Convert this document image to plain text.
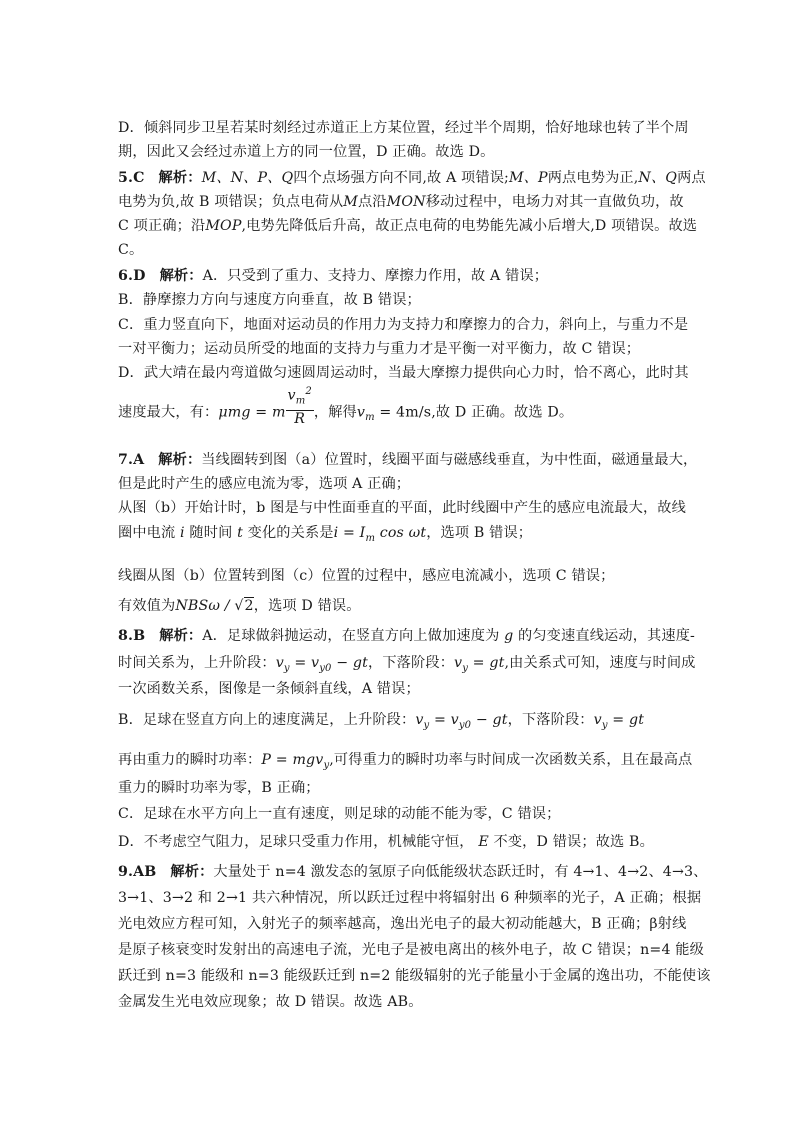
D．倾斜同步卫星若某时刻经过赤道正上方某位置，经过半个周期，恰好地球也转了半个周
期，因此又会经过赤道上方的同一位置，D 正确。故选 D。
5.C 解析：M、N、P、Q四个点场强方向不同,故 A 项错误;M、P两点电势为正,N、Q两点
电势为负,故 B 项错误；负点电荷从M点沿MON移动过程中，电场力对其一直做负功，故
C 项正确；沿MOP,电势先降低后升高，故正点电荷的电势能先减小后增大,D 项错误。故选
C。
6.D 解析：A．只受到了重力、支持力、摩擦力作用，故 A 错误；
B．静摩擦力方向与速度方向垂直，故 B 错误；
C．重力竖直向下，地面对运动员的作用力为支持力和摩擦力的合力，斜向上，与重力不是
一对平衡力；运动员所受的地面的支持力与重力才是平衡一对平衡力，故 C 错误；
D．武大靖在最内弯道做匀速圆周运动时，当最大摩擦力提供向心力时，恰不离心，此时其
速度最大，有：μmg = m $\frac{v_m^2}{R}$ ，解得$v_m = 4m/s$,故 D 正确。故选 D。
7.A 解析：当线圈转到图（a）位置时，线圈平面与磁感线垂直，为中性面，磁通量最大，
但是此时产生的感应电流为零，选项 A 正确；
从图（b）开始计时，b 图是与中性面垂直的平面，此时线圈中产生的感应电流最大，故线
圈中电流 i 随时间 t 变化的关系是$i = I_m$ cos ωt，选项 B 错误；
线圈从图（b）位置转到图（c）位置的过程中，感应电流减小，选项 C 错误；
有效值为NBSω / √2，选项 D 错误。
8.B 解析：A．足球做斜抛运动，在竖直方向上做加速度为 g 的匀变速直线运动，其速度-
时间关系为，上升阶段：$v_y = v_{y0}$ − gt，下落阶段：$v_y$ = gt,由关系式可知，速度与时间成
一次函数关系，图像是一条倾斜直线，A 错误；
B．足球在竖直方向上的速度满足，上升阶段：$v_y = v_{y0}$ − gt，下落阶段：$v_y$ = gt
再由重力的瞬时功率：P = mgv$_y$,可得重力的瞬时功率与时间成一次函数关系，且在最高点
重力的瞬时功率为零，B 正确；
C．足球在水平方向上一直有速度，则足球的动能不能为零，C 错误；
D．不考虑空气阻力，足球只受重力作用，机械能守恒， E 不变，D 错误；故选 B。
9.AB 解析：大量处于 n=4 激发态的氢原子向低能级状态跃迁时，有 4→1、4→2、4→3、
3→1、3→2 和 2→1 共六种情况，所以跃迁过程中将辐射出 6 种频率的光子，A 正确；根据
光电效应方程可知，入射光子的频率越高，逸出光电子的最大初动能越大，B 正确；β射线
是原子核衰变时发射出的高速电子流，光电子是被电离出的核外电子，故 C 错误；n=4 能级
跃迁到 n=3 能级和 n=3 能级跃迁到 n=2 能级辐射的光子能量小于金属的逸出功，不能使该
金属发生光电效应现象；故 D 错误。故选 AB。
